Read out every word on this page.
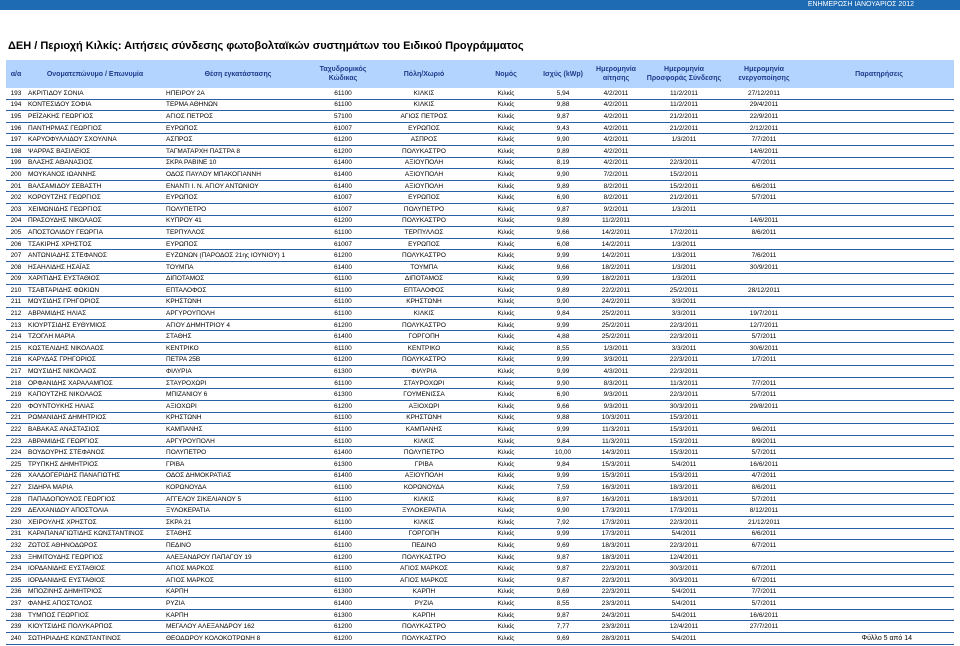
ΕΝΗΜΕΡΩΣΗ ΙΑΝΟΥΑΡΙΟΣ 2012
ΔΕΗ / Περιοχή Κιλκίς: Αιτήσεις σύνδεσης φωτοβολταϊκών συστημάτων του Ειδικού Προγράμματος
α/α	Ονοματεπώνυμο / Επωνυμία	Θέση εγκατάστασης	Ταχυδρομικός Κώδικας	Πόλη/Χωριό	Νομός	Ισχύς (kWp)	Ημερομηνία αίτησης	Ημερομηνία Προσφοράς Σύνδεσης	Ημερομηνία ενεργοποίησης	Παρατηρήσεις
193	ΑΚΡΙΤΙΔΟΥ ΣΟΝΙΑ	ΗΠΕΙΡΟΥ 2Α	61100	ΚΙΛΚΙΣ	Κιλκίς	5,94	4/2/2011	11/2/2011	27/12/2011	
194	ΚΟΝΤΕΣΙΔΟΥ ΣΟΦΙΑ	ΤΕΡΜΑ ΑΘΗΝΩΝ	61100	ΚΙΛΚΙΣ	Κιλκίς	9,88	4/2/2011	11/2/2011	29/4/2011	
195	ΡΕΪΖΑΚΗΣ ΓΕΩΡΓΙΟΣ	ΑΓΙΟΣ ΠΕΤΡΟΣ	57100	ΑΓΙΟΣ ΠΕΤΡΟΣ	Κιλκίς	9,87	4/2/2011	21/2/2011	22/9/2011	
196	ΠΑΝΤΗΡΜΑΣ ΓΕΩΡΓΙΟΣ	ΕΥΡΩΠΟΣ	61007	ΕΥΡΩΠΟΣ	Κιλκίς	9,43	4/2/2011	21/2/2011	2/12/2011	
197	ΚΑΡΥΟΦΥΛΛΙΔΟΥ ΣΧΟΥΛΙΝΑ	ΑΣΠΡΟΣ	61200	ΑΣΠΡΟΣ	Κιλκίς	9,90	4/2/2011	1/3/2011	7/7/2011	
198	ΨΑΡΡΑΣ ΒΑΣΙΛΕΙΟΣ	ΤΑΓΜΑΤΑΡΧΗ ΠΑΣΤΡΑ 8	61200	ΠΟΛΥΚΑΣΤΡΟ	Κιλκίς	9,89	4/2/2011		14/6/2011	
199	ΒΛΑΣΗΣ ΑΘΑΝΑΣΙΟΣ	ΣΚΡΑ ΡΑΒΙΝΕ 10	61400	ΑΞΙΟΥΠΟΛΗ	Κιλκίς	8,19	4/2/2011	22/3/2011	4/7/2011	
200	ΜΟΥΚΑΝΟΣ ΙΩΑΝΝΗΣ	ΟΔΟΣ ΠΑΥΛΟΥ ΜΠΑΚΟΓΙΑΝΝΗ	61400	ΑΞΙΟΥΠΟΛΗ	Κιλκίς	9,90	7/2/2011	15/2/2011		
201	ΒΑΛΣΑΜΙΔΟΥ ΣΕΒΑΣΤΗ	ΕΝΑΝΤΙ Ι. Ν. ΑΓΙΟΥ ΑΝΤΩΝΙΟΥ	61400	ΑΞΙΟΥΠΟΛΗ	Κιλκίς	9,89	8/2/2011	15/2/2011	6/6/2011	
202	ΚΟΡΟΥΤΖΗΣ ΓΕΩΡΓΙΟΣ	ΕΥΡΩΠΟΣ	61007	ΕΥΡΩΠΟΣ	Κιλκίς	6,90	8/2/2011	21/2/2011	5/7/2011	
203	ΧΕΙΜΩΝΙΔΗΣ ΓΕΩΡΓΙΟΣ	ΠΟΛΥΠΕΤΡΟ	61007	ΠΟΛΥΠΕΤΡΟ	Κιλκίς	9,87	9/2/2011	1/3/2011		
204	ΠΡΑΣΟΥΔΗΣ ΝΙΚΟΛΑΟΣ	ΚΥΠΡΟΥ 41	61200	ΠΟΛΥΚΑΣΤΡΟ	Κιλκίς	9,89	11/2/2011		14/6/2011	
205	ΑΠΟΣΤΟΛΙΔΟΥ ΓΕΩΡΓΙΑ	ΤΕΡΠΥΛΛΟΣ	61100	ΤΕΡΠΥΛΛΟΣ	Κιλκίς	9,66	14/2/2011	17/2/2011	8/6/2011	
206	ΤΣΑΚΙΡΗΣ ΧΡΗΣΤΟΣ	ΕΥΡΩΠΟΣ	61007	ΕΥΡΩΠΟΣ	Κιλκίς	6,08	14/2/2011	1/3/2011		
207	ΑΝΤΩΝΙΑΔΗΣ ΣΤΕΦΑΝΟΣ	ΕΥΖΩΝΩΝ (ΠΑΡΟΔΟΣ 21ης ΙΟΥΝΙΟΥ) 1	61200	ΠΟΛΥΚΑΣΤΡΟ	Κιλκίς	9,99	14/2/2011	1/3/2011	7/6/2011	
208	ΗΣΑΗΛΙΔΗΣ ΗΣΑΪΑΣ	ΤΟΥΜΠΑ	61400	ΤΟΥΜΠΑ	Κιλκίς	9,66	18/2/2011	1/3/2011	30/9/2011	
209	ΧΑΡΙΤΙΔΗΣ ΕΥΣΤΑΘΙΟΣ	ΔΙΠΟΤΑΜΟΣ	61100	ΔΙΠΟΤΑΜΟΣ	Κιλκίς	9,99	18/2/2011	1/3/2011		
210	ΤΣΑΒΤΑΡΙΔΗΣ ΦΩΚΙΩΝ	ΕΠΤΑΛΟΦΟΣ	61100	ΕΠΤΑΛΟΦΟΣ	Κιλκίς	9,89	22/2/2011	25/2/2011	28/12/2011	
211	ΜΩΥΣΙΔΗΣ ΓΡΗΓΟΡΙΟΣ	ΚΡΗΣΤΩΝΗ	61100	ΚΡΗΣΤΩΝΗ	Κιλκίς	9,90	24/2/2011	3/3/2011		
212	ΑΒΡΑΜΙΔΗΣ ΗΛΙΑΣ	ΑΡΓΥΡΟΥΠΟΛΗ	61100	ΚΙΛΚΙΣ	Κιλκίς	9,84	25/2/2011	3/3/2011	19/7/2011	
213	ΚΙΟΥΡΤΣΙΔΗΣ ΕΥΘΥΜΙΟΣ	ΑΓΙΟΥ ΔΗΜΗΤΡΙΟΥ 4	61200	ΠΟΛΥΚΑΣΤΡΟ	Κιλκίς	9,99	25/2/2011	22/3/2011	12/7/2011	
214	ΤΖΟΓΛΗ ΜΑΡΙΑ	ΣΤΑΘΗΣ	61400	ΓΟΡΓΟΠΗ	Κιλκίς	4,88	25/2/2011	22/3/2011	5/7/2011	
215	ΚΩΣΤΕΛΙΔΗΣ ΝΙΚΟΛΑΟΣ	ΚΕΝΤΡΙΚΟ	61100	ΚΕΝΤΡΙΚΟ	Κιλκίς	8,55	1/3/2011	3/3/2011	30/6/2011	
216	ΚΑΡΥΔΑΣ ΓΡΗΓΟΡΙΟΣ	ΠΕΤΡΑ 25Β	61200	ΠΟΛΥΚΑΣΤΡΟ	Κιλκίς	9,99	3/3/2011	22/3/2011	1/7/2011	
217	ΜΩΥΣΙΔΗΣ ΝΙΚΟΛΑΟΣ	ΦΙΛΥΡΙΑ	61300	ΦΙΛΥΡΙΑ	Κιλκίς	9,99	4/3/2011	22/3/2011		
218	ΟΡΦΑΝΙΔΗΣ ΧΑΡΑΛΑΜΠΟΣ	ΣΤΑΥΡΟΧΩΡΙ	61100	ΣΤΑΥΡΟΧΩΡΙ	Κιλκίς	9,90	8/3/2011	11/3/2011	7/7/2011	
219	ΚΑΠΟΥΤΖΗΣ ΝΙΚΟΛΑΟΣ	ΜΠΙΖΑΝΙΟΥ 6	61300	ΓΟΥΜΕΝΙΣΣΑ	Κιλκίς	6,90	9/3/2011	22/3/2011	5/7/2011	
220	ΦΟΥΝΤΟΥΚΗΣ ΗΛΙΑΣ	ΑΞΙΟΧΩΡΙ	61200	ΑΞΙΟΧΩΡΙ	Κιλκίς	9,66	9/3/2011	30/3/2011	29/8/2011	
221	ΡΩΜΑΝΙΔΗΣ ΔΗΜΗΤΡΙΟΣ	ΚΡΗΣΤΩΝΗ	61100	ΚΡΗΣΤΩΝΗ	Κιλκίς	9,88	10/3/2011	15/3/2011		
222	ΒΑΒΑΚΑΣ ΑΝΑΣΤΑΣΙΟΣ	ΚΑΜΠΑΝΗΣ	61100	ΚΑΜΠΑΝΗΣ	Κιλκίς	9,99	11/3/2011	15/3/2011	9/6/2011	
223	ΑΒΡΑΜΙΔΗΣ ΓΕΩΡΓΙΟΣ	ΑΡΓΥΡΟΥΠΟΛΗ	61100	ΚΙΛΚΙΣ	Κιλκίς	9,84	11/3/2011	15/3/2011	8/9/2011	
224	ΒΟΥΔΟΥΡΗΣ ΣΤΕΦΑΝΟΣ	ΠΟΛΥΠΕΤΡΟ	61400	ΠΟΛΥΠΕΤΡΟ	Κιλκίς	10,00	14/3/2011	15/3/2011	5/7/2011	
225	ΤΡΥΠΚΗΣ ΔΗΜΗΤΡΙΟΣ	ΓΡΙΒΑ	61300	ΓΡΙΒΑ	Κιλκίς	9,84	15/3/2011	5/4/2011	16/6/2011	
226	ΧΑΛΔΟΓΕΡΙΔΗΣ ΠΑΝΑΓΙΩΤΗΣ	ΟΔΟΣ ΔΗΜΟΚΡΑΤΙΑΣ	61400	ΑΞΙΟΥΠΟΛΗ	Κιλκίς	9,99	15/3/2011	15/3/2011	4/7/2011	
227	ΣΙΔΗΡΑ ΜΑΡΙΑ	ΚΟΡΩΝΟΥΔΑ	61100	ΚΟΡΩΝΟΥΔΑ	Κιλκίς	7,59	16/3/2011	18/3/2011	8/6/2011	
228	ΠΑΠΑΔΟΠΟΥΛΟΣ ΓΕΩΡΓΙΟΣ	ΑΓΓΕΛΟΥ ΣΙΚΕΛΙΑΝΟΥ 5	61100	ΚΙΛΚΙΣ	Κιλκίς	8,97	16/3/2011	18/3/2011	5/7/2011	
229	ΔΕΛΧΑΝΙΔΟΥ ΑΠΟΣΤΟΛΙΑ	ΞΥΛΟΚΕΡΑΤΙΑ	61100	ΞΥΛΟΚΕΡΑΤΙΑ	Κιλκίς	9,90	17/3/2011	17/3/2011	8/12/2011	
230	ΧΕΙΡΟΥΛΗΣ ΧΡΗΣΤΟΣ	ΣΚΡΑ 21	61100	ΚΙΛΚΙΣ	Κιλκίς	7,92	17/3/2011	22/3/2011	21/12/2011	
231	ΚΑΡΑΠΑΝΑΓΙΩΤΙΔΗΣ ΚΩΝΣΤΑΝΤΙΝΟΣ	ΣΤΑΘΗΣ	61400	ΓΟΡΓΟΠΗ	Κιλκίς	9,99	17/3/2011	5/4/2011	6/6/2011	
232	ΖΩΤΟΣ ΑΘΗΝΟΔΩΡΟΣ	ΠΕΔΙΝΟ	61100	ΠΕΔΙΝΟ	Κιλκίς	9,69	18/3/2011	22/3/2011	6/7/2011	
233	ΞΗΜΙΤΟΥΔΗΣ ΓΕΩΡΓΙΟΣ	ΑΛΕΞΑΝΔΡΟΥ ΠΑΠΑΓΟΥ 19	61200	ΠΟΛΥΚΑΣΤΡΟ	Κιλκίς	9,87	18/3/2011	12/4/2011		
234	ΙΟΡΔΑΝΙΔΗΣ ΕΥΣΤΑΘΙΟΣ	ΑΓΙΟΣ ΜΑΡΚΟΣ	61100	ΑΓΙΟΣ ΜΑΡΚΟΣ	Κιλκίς	9,87	22/3/2011	30/3/2011	6/7/2011	
235	ΙΟΡΔΑΝΙΔΗΣ ΕΥΣΤΑΘΙΟΣ	ΑΓΙΟΣ ΜΑΡΚΟΣ	61100	ΑΓΙΟΣ ΜΑΡΚΟΣ	Κιλκίς	9,87	22/3/2011	30/3/2011	6/7/2011	
236	ΜΠΟΖΙΝΗΣ ΔΗΜΗΤΡΙΟΣ	ΚΑΡΠΗ	61300	ΚΑΡΠΗ	Κιλκίς	9,69	22/3/2011	5/4/2011	7/7/2011	
237	ΦΑΝΗΣ ΑΠΟΣΤΟΛΟΣ	ΡΥΖΙΑ	61400	ΡΥΖΙΑ	Κιλκίς	8,55	23/3/2011	5/4/2011	5/7/2011	
238	ΤΥΜΠΟΣ ΓΕΩΡΓΙΟΣ	ΚΑΡΠΗ	61300	ΚΑΡΠΗ	Κιλκίς	9,87	24/3/2011	5/4/2011	16/6/2011	
239	ΚΙΟΥΤΣΙΔΗΣ ΠΟΛΥΚΑΡΠΟΣ	ΜΕΓΑΛΟΥ ΑΛΕΞΑΝΔΡΟΥ 162	61200	ΠΟΛΥΚΑΣΤΡΟ	Κιλκίς	7,77	23/3/2011	12/4/2011	27/7/2011	
240	ΣΩΤΗΡΙΑΔΗΣ ΚΩΝΣΤΑΝΤΙΝΟΣ	ΘΕΟΔΩΡΟΥ ΚΟΛΟΚΟΤΡΩΝΗ 8	61200	ΠΟΛΥΚΑΣΤΡΟ	Κιλκίς	9,69	28/3/2011	5/4/2011			Φύλλο 5 από 14
